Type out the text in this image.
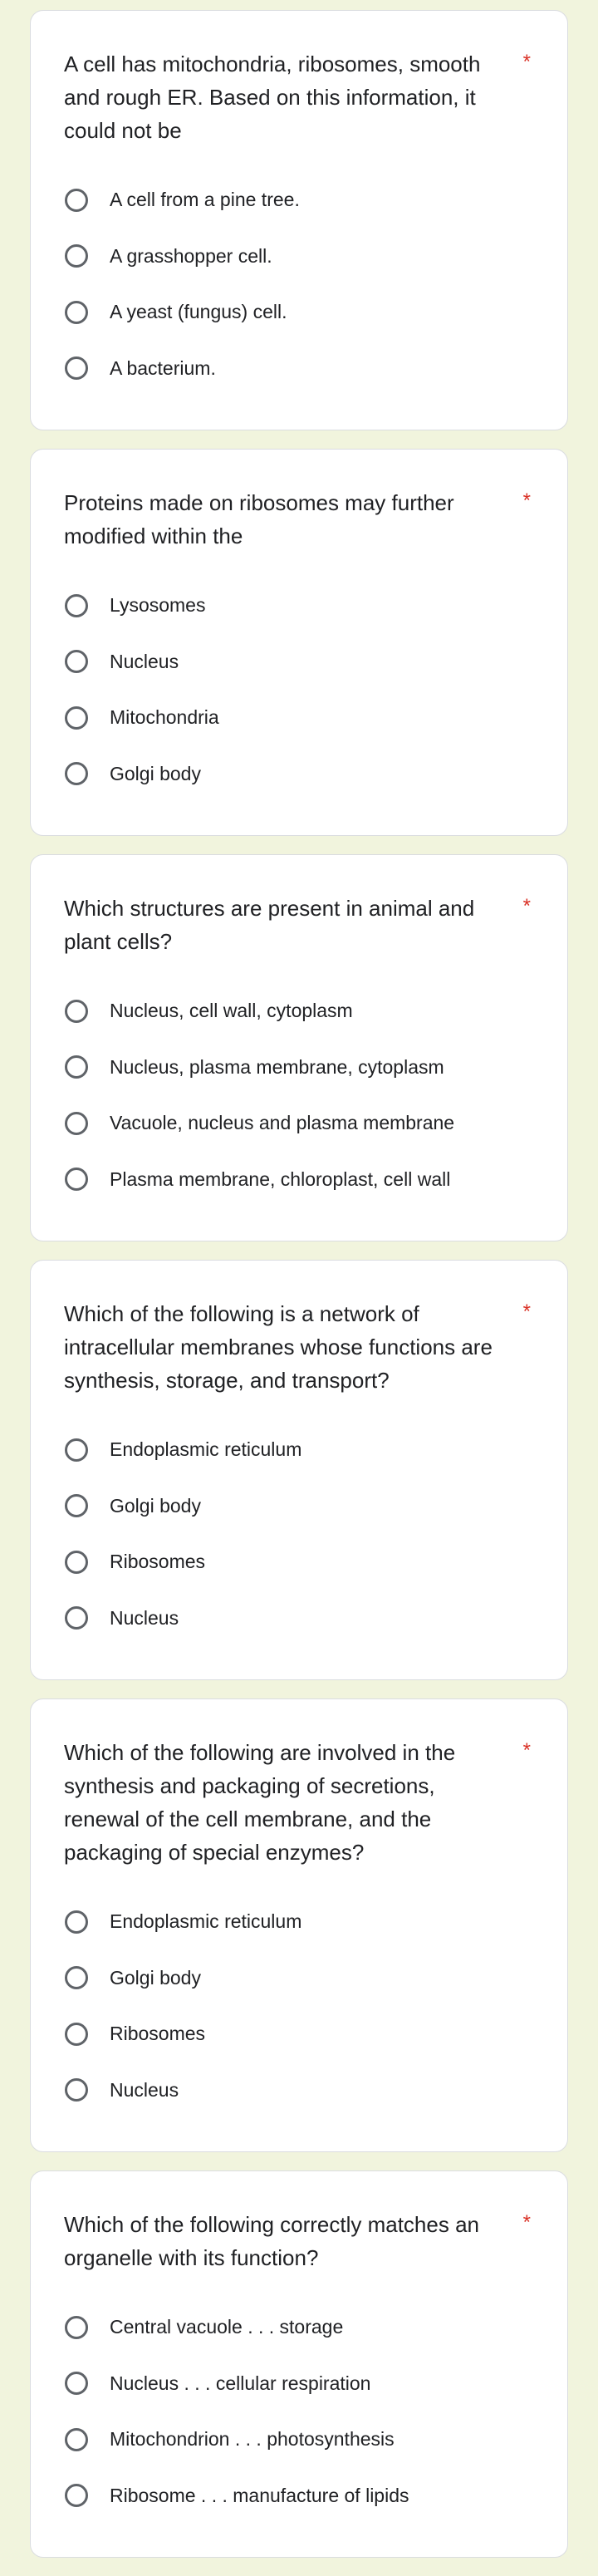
A cell has mitochondria, ribosomes, smooth and rough ER. Based on this information, it could not be
*
A cell from a pine tree.
A grasshopper cell.
A yeast (fungus) cell.
A bacterium.
Proteins made on ribosomes may further modified within the
*
Lysosomes
Nucleus
Mitochondria
Golgi body
Which structures are present in animal and plant cells?
*
Nucleus, cell wall, cytoplasm
Nucleus, plasma membrane, cytoplasm
Vacuole, nucleus and plasma membrane
Plasma membrane, chloroplast, cell wall
Which of the following is a network of intracellular membranes whose functions are synthesis, storage, and transport?
*
Endoplasmic reticulum
Golgi body
Ribosomes
Nucleus
Which of the following are involved in the synthesis and packaging of secretions, renewal of the cell membrane, and the packaging of special enzymes?
*
Endoplasmic reticulum
Golgi body
Ribosomes
Nucleus
Which of the following correctly matches an organelle with its function?
*
Central vacuole . . . storage
Nucleus . . . cellular respiration
Mitochondrion . . . photosynthesis
Ribosome . . . manufacture of lipids
